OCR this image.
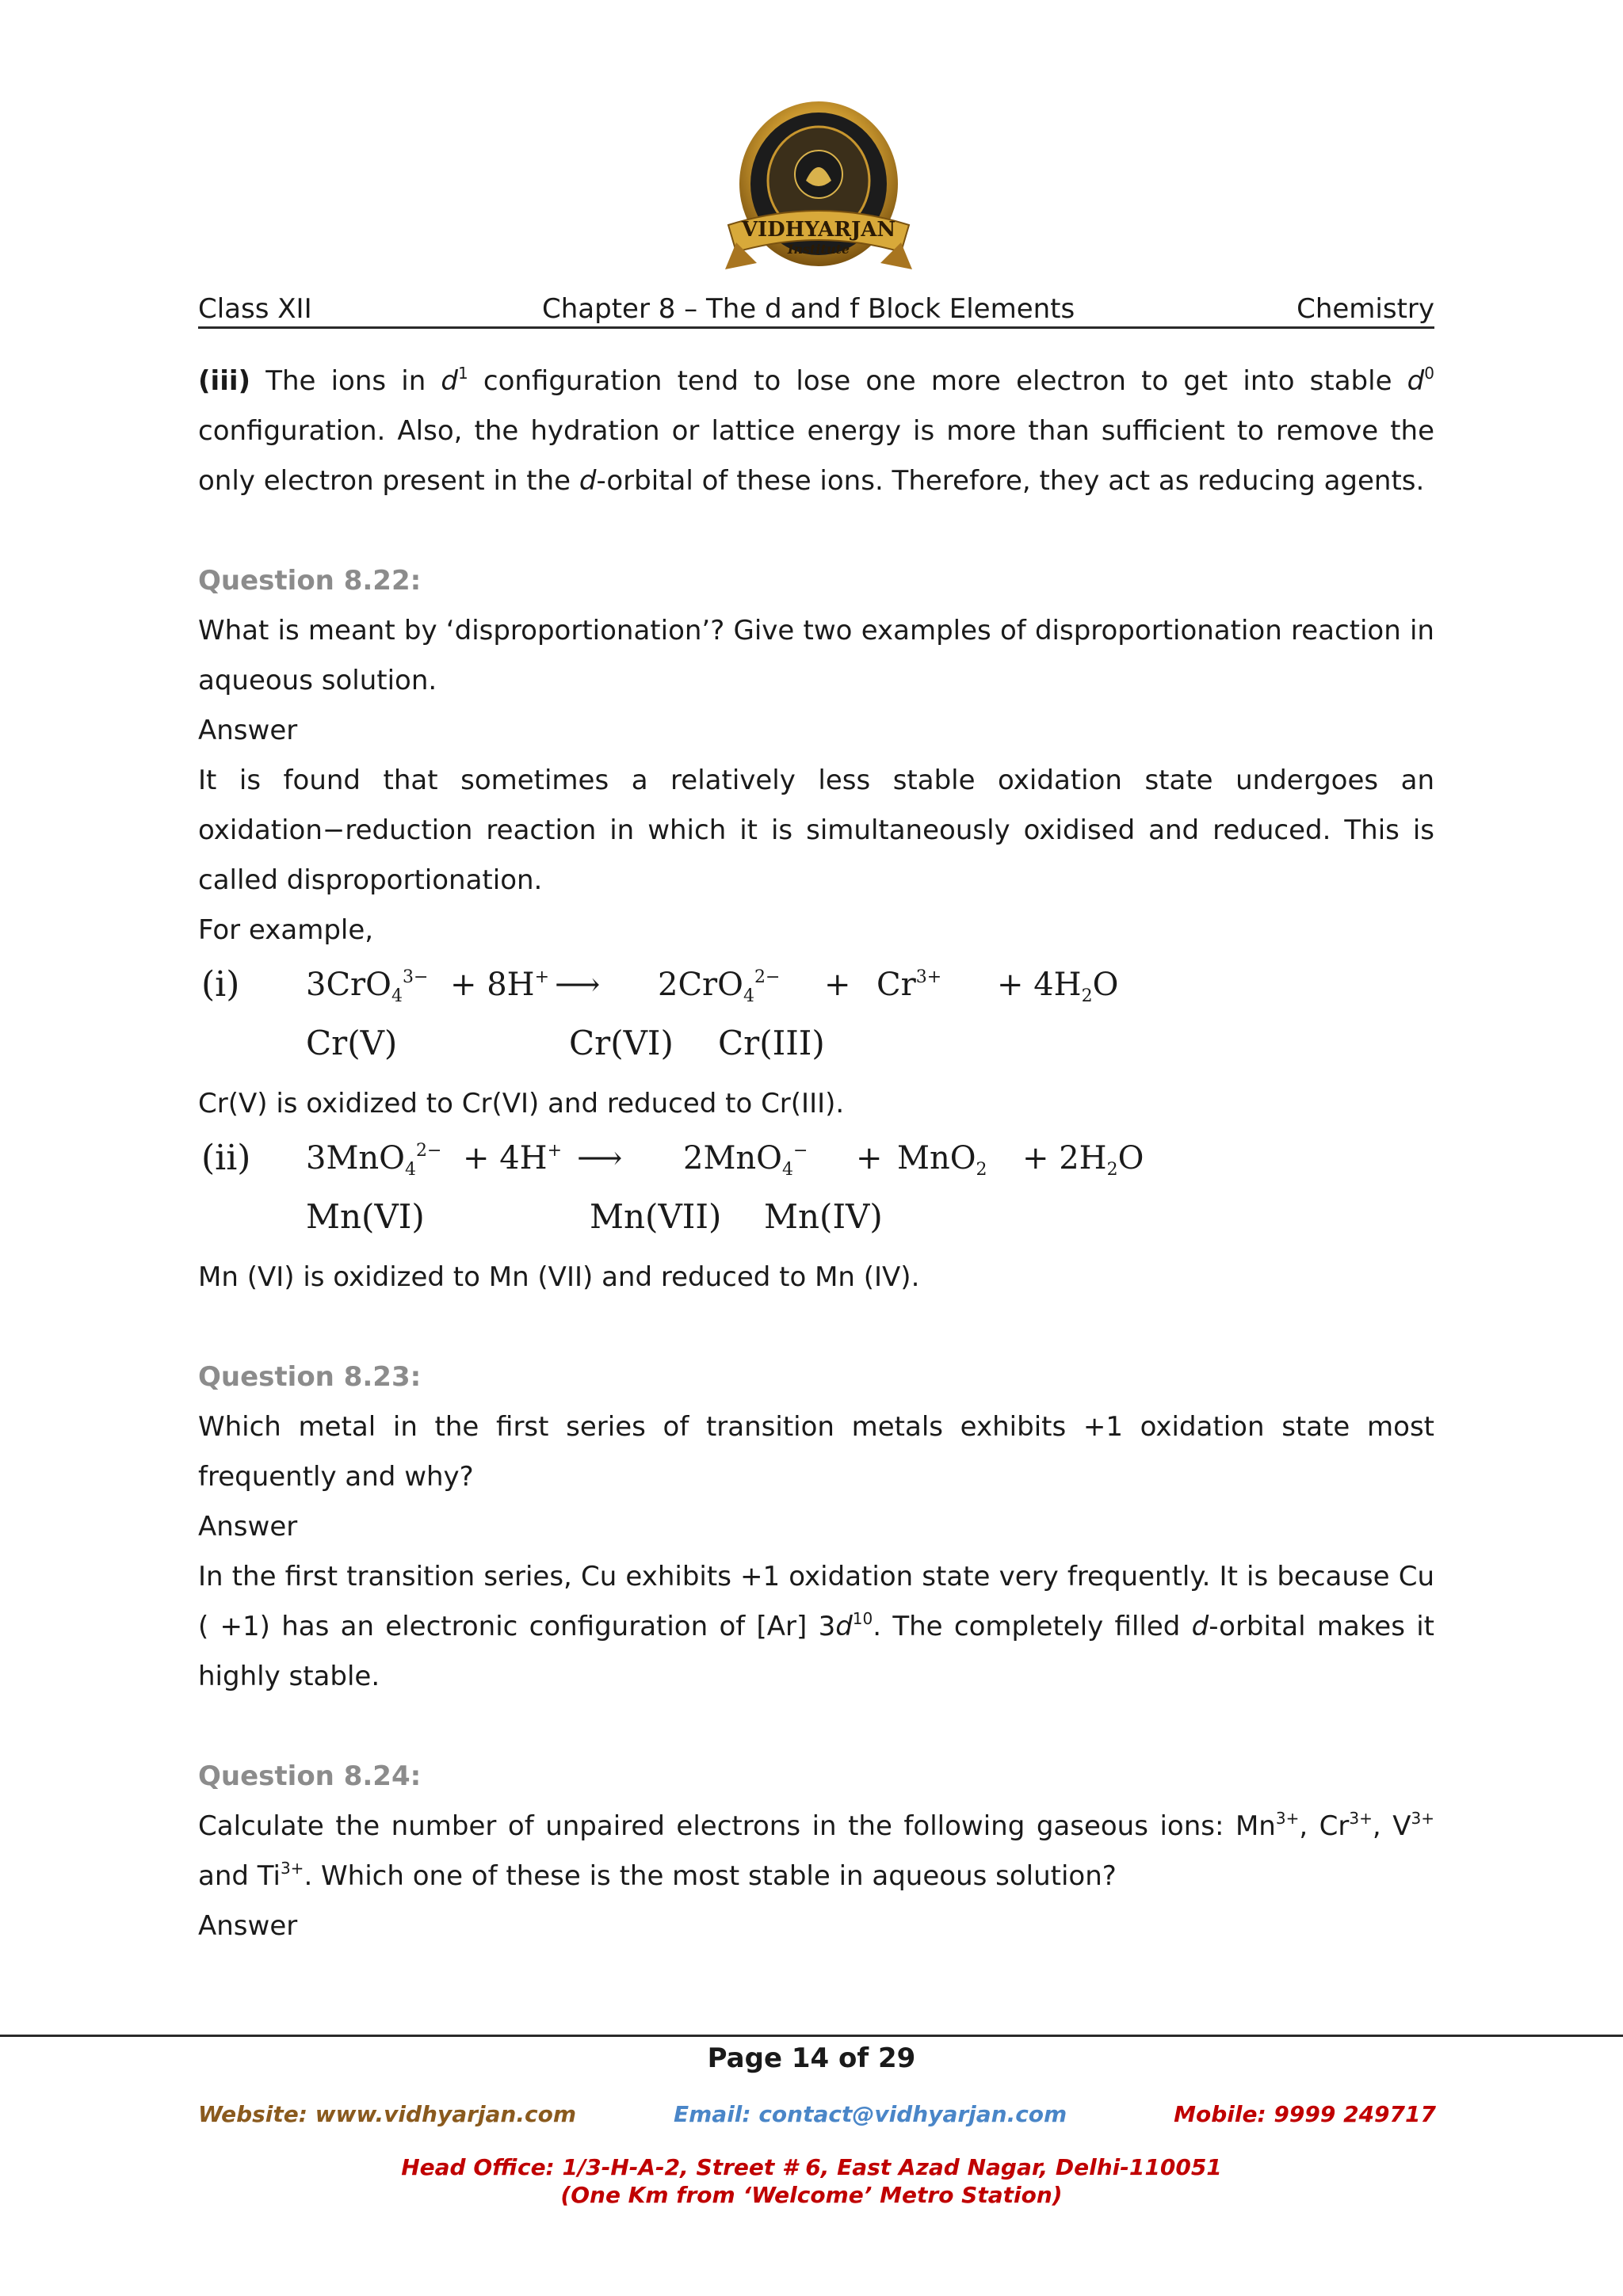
VIDHYARJAN
Institute
Class XII	Chapter 8 – The d and f Block Elements	Chemistry

(iii) The ions in $d^1$ configuration tend to lose one more electron to get into stable $d^0$ configuration. Also, the hydration or lattice energy is more than sufficient to remove the only electron present in the d-orbital of these ions. Therefore, they act as reducing agents.

Question 8.22:

What is meant by ‘disproportionation’? Give two examples of disproportionation reaction in aqueous solution.

Answer

It is found that sometimes a relatively less stable oxidation state undergoes an oxidation−reduction reaction in which it is simultaneously oxidised and reduced. This is called disproportionation.

For example,

(i) 3CrO$_4^{3-}$ + 8H+ ⟶ $2CrO_4^{2-} + Cr^{3+} + 4H_2O$
Cr(V)	Cr(VI) Cr(III)

Cr(V) is oxidized to Cr(VI) and reduced to Cr(III).

(ii) 3MnO$_4^{2-}$ + 4H+ ⟶ $2MnO_4^- + MnO_2 + 2H_2O$
Mn(VI)	Mn(VII) Mn(IV)

Mn (VI) is oxidized to Mn (VII) and reduced to Mn (IV).

Question 8.23:

Which metal in the first series of transition metals exhibits +1 oxidation state most frequently and why?

Answer

In the first transition series, Cu exhibits +1 oxidation state very frequently. It is because Cu ( +1) has an electronic configuration of [Ar] $3d^{10}$. The completely filled d-orbital makes it highly stable.

Question 8.24:

Calculate the number of unpaired electrons in the following gaseous ions: $Mn^{3+}$, $Cr^{3+}$, $V^{3+}$ and $Ti^{3+}$. Which one of these is the most stable in aqueous solution?

Answer

Page 14 of 29
Website: www.vidhyarjan.com	Email: contact@vidhyarjan.com	Mobile: 9999 249717
Head Office: 1/3-H-A-2, Street # 6, East Azad Nagar, Delhi-110051
(One Km from ‘Welcome’ Metro Station)
